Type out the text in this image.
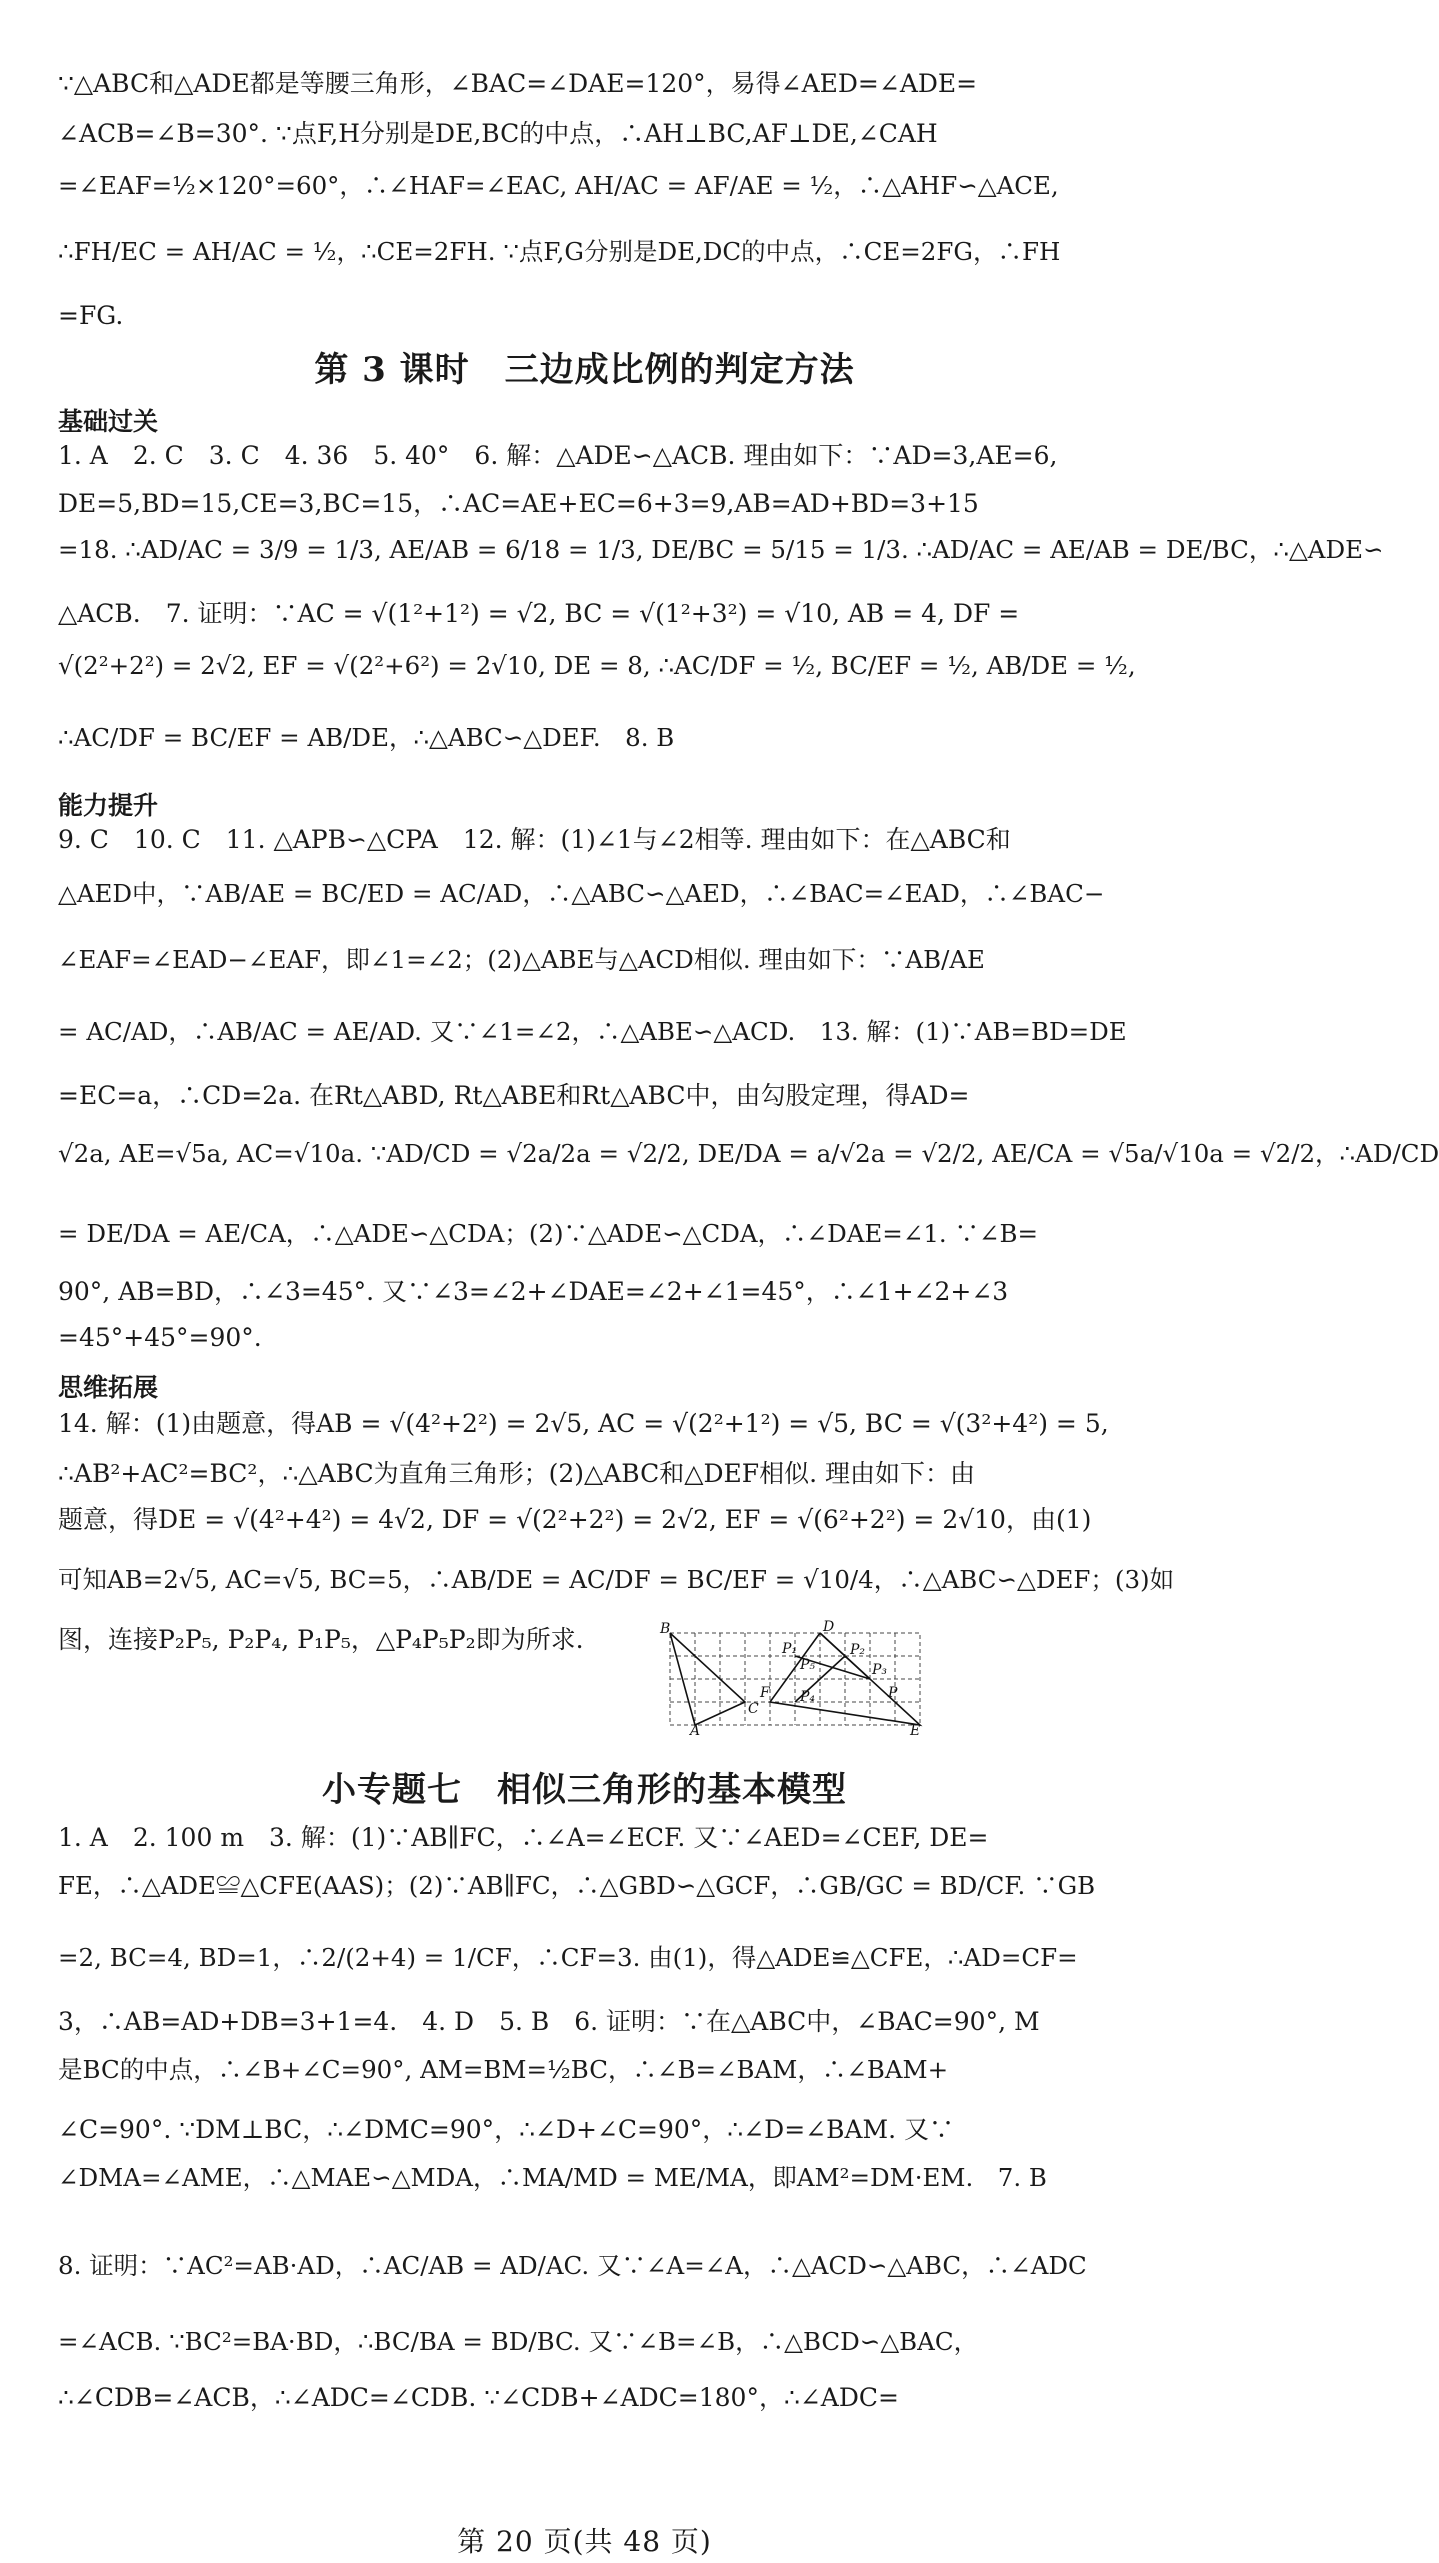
∵△ABC和△ADE都是等腰三角形，∠BAC=∠DAE=120°，易得∠AED=∠ADE=
∠ACB=∠B=30°. ∵点F,H分别是DE,BC的中点，∴AH⊥BC,AF⊥DE,∠CAH
=∠EAF=½×120°=60°，∴∠HAF=∠EAC, AH/AC = AF/AE = ½，∴△AHF∽△ACE,
∴FH/EC = AH/AC = ½，∴CE=2FH. ∵点F,G分别是DE,DC的中点，∴CE=2FG，∴FH
=FG.
第 3 课时　三边成比例的判定方法
基础过关
1. A　2. C　3. C　4. 36　5. 40°　6. 解：△ADE∽△ACB. 理由如下：∵AD=3,AE=6,
DE=5,BD=15,CE=3,BC=15，∴AC=AE+EC=6+3=9,AB=AD+BD=3+15
=18. ∴AD/AC = 3/9 = 1/3, AE/AB = 6/18 = 1/3, DE/BC = 5/15 = 1/3. ∴AD/AC = AE/AB = DE/BC，∴△ADE∽
△ACB.　7. 证明：∵AC = √(1²+1²) = √2, BC = √(1²+3²) = √10, AB = 4, DF =
√(2²+2²) = 2√2, EF = √(2²+6²) = 2√10, DE = 8, ∴AC/DF = ½, BC/EF = ½, AB/DE = ½,
∴AC/DF = BC/EF = AB/DE，∴△ABC∽△DEF.　8. B
能力提升
9. C　10. C　11. △APB∽△CPA　12. 解：(1)∠1与∠2相等. 理由如下：在△ABC和
△AED中，∵AB/AE = BC/ED = AC/AD，∴△ABC∽△AED，∴∠BAC=∠EAD，∴∠BAC−
∠EAF=∠EAD−∠EAF，即∠1=∠2；(2)△ABE与△ACD相似. 理由如下：∵AB/AE
= AC/AD，∴AB/AC = AE/AD. 又∵∠1=∠2，∴△ABE∽△ACD.　13. 解：(1)∵AB=BD=DE
=EC=a，∴CD=2a. 在Rt△ABD, Rt△ABE和Rt△ABC中，由勾股定理，得AD=
√2a, AE=√5a, AC=√10a. ∵AD/CD = √2a/2a = √2/2, DE/DA = a/√2a = √2/2, AE/CA = √5a/√10a = √2/2，∴AD/CD
= DE/DA = AE/CA，∴△ADE∽△CDA；(2)∵△ADE∽△CDA，∴∠DAE=∠1. ∵∠B=
90°, AB=BD，∴∠3=45°. 又∵∠3=∠2+∠DAE=∠2+∠1=45°，∴∠1+∠2+∠3
=45°+45°=90°.
思维拓展
14. 解：(1)由题意，得AB = √(4²+2²) = 2√5, AC = √(2²+1²) = √5, BC = √(3²+4²) = 5,
∴AB²+AC²=BC²，∴△ABC为直角三角形；(2)△ABC和△DEF相似. 理由如下：由
题意，得DE = √(4²+4²) = 4√2, DF = √(2²+2²) = 2√2, EF = √(6²+2²) = 2√10，由(1)
可知AB=2√5, AC=√5, BC=5，∴AB/DE = AC/DF = BC/EF = √10/4，∴△ABC∽△DEF；(3)如
图，连接P₂P₅, P₂P₄, P₁P₅，△P₄P₅P₂即为所求.	B	D
P₁
P₅
P₂
P₃
P₄
F
C
A	E
P
小专题七　相似三角形的基本模型
1. A　2. 100 m　3. 解：(1)∵AB∥FC，∴∠A=∠ECF. 又∵∠AED=∠CEF, DE=
FE，∴△ADE≌△CFE(AAS)；(2)∵AB∥FC，∴△GBD∽△GCF，∴GB/GC = BD/CF. ∵GB
=2, BC=4, BD=1，∴2/(2+4) = 1/CF，∴CF=3. 由(1)，得△ADE≌△CFE，∴AD=CF=
3，∴AB=AD+DB=3+1=4.　4. D　5. B　6. 证明：∵在△ABC中，∠BAC=90°, M
是BC的中点，∴∠B+∠C=90°, AM=BM=½BC，∴∠B=∠BAM，∴∠BAM+
∠C=90°. ∵DM⊥BC，∴∠DMC=90°，∴∠D+∠C=90°，∴∠D=∠BAM. 又∵
∠DMA=∠AME，∴△MAE∽△MDA，∴MA/MD = ME/MA，即AM²=DM·EM.　7. B
8. 证明：∵AC²=AB·AD，∴AC/AB = AD/AC. 又∵∠A=∠A，∴△ACD∽△ABC，∴∠ADC
=∠ACB. ∵BC²=BA·BD，∴BC/BA = BD/BC. 又∵∠B=∠B，∴△BCD∽△BAC，
∴∠CDB=∠ACB，∴∠ADC=∠CDB. ∵∠CDB+∠ADC=180°，∴∠ADC=
第 20 页(共 48 页)
